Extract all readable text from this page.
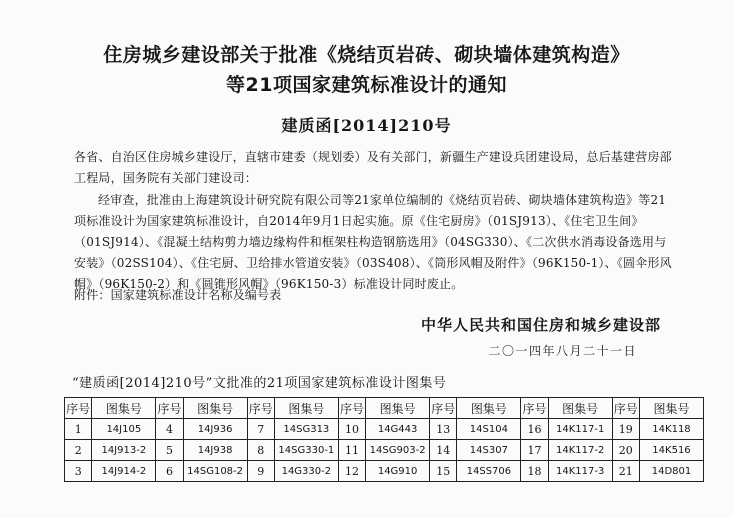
住房城乡建设部关于批准《烧结页岩砖、砌块墙体建筑构造》
等21项国家建筑标准设计的通知
建质函[2014]210号
各省、自治区住房城乡建设厅，直辖市建委（规划委）及有关部门，新疆生产建设兵团建设局，总后基建营房部工程局，国务院有关部门建设司：
经审查，批准由上海建筑设计研究院有限公司等21家单位编制的《烧结页岩砖、砌块墙体建筑构造》等21项标准设计为国家建筑标准设计，自2014年9月1日起实施。原《住宅厨房》（01SJ913）、《住宅卫生间》（01SJ914）、《混凝土结构剪力墙边缘构件和框架柱构造钢筋选用》（04SG330）、《二次供水消毒设备选用与安装》（02SS104）、《住宅厨、卫给排水管道安装》（03S408）、《筒形风帽及附件》（96K150-1）、《圆伞形风帽》（96K150-2）和《圆锥形风帽》（96K150-3）标准设计同时废止。
附件：国家建筑标准设计名称及编号表
中华人民共和国住房和城乡建设部
二〇一四年八月二十一日
“建质函[2014]210号”文批准的21项国家建筑标准设计图集号
序号	图集号	序号	图集号	序号	图集号	序号	图集号	序号	图集号	序号	图集号	序号	图集号
1	14J105	4	14J936	7	14SG313	10	14G443	13	14S104	16	14K117-1	19	14K118
2	14J913-2	5	14J938	8	14SG330-1	11	14SG903-2	14	14S307	17	14K117-2	20	14K516
3	14J914-2	6	14SG108-2	9	14G330-2	12	14G910	15	14SS706	18	14K117-3	21	14D801
